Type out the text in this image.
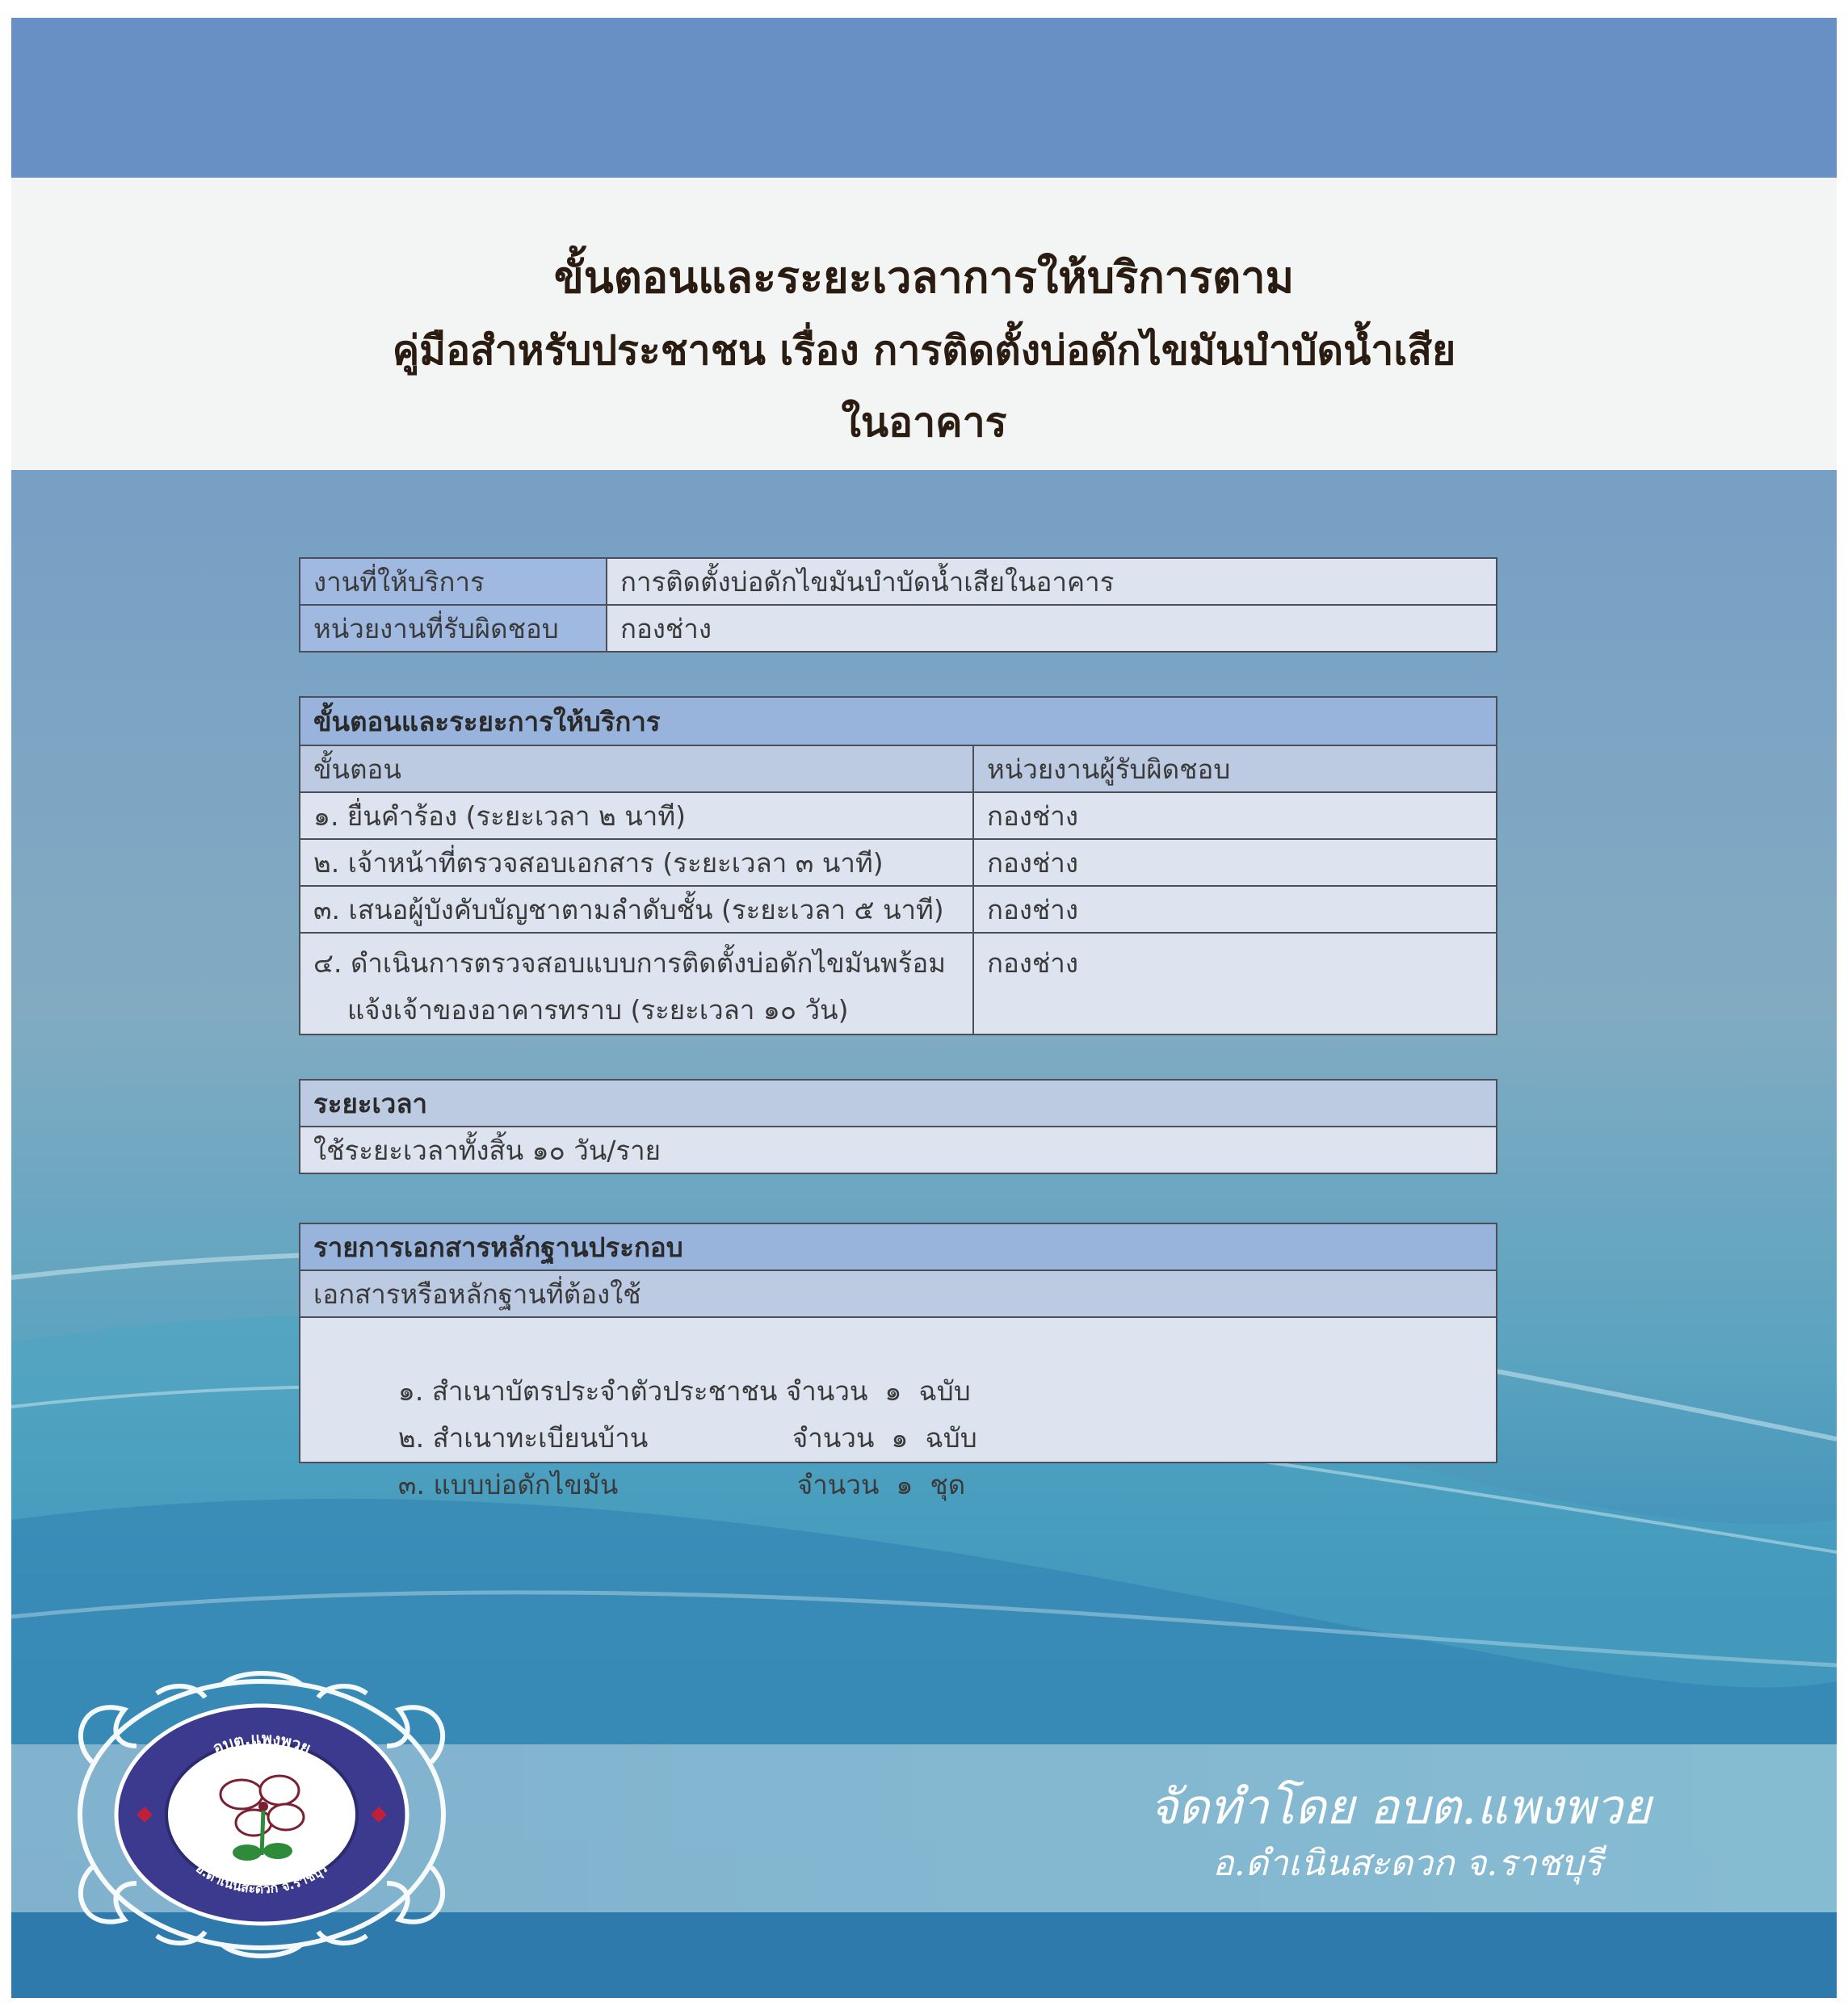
ขั้นตอนและระยะเวลาการให้บริการตาม
คู่มือสำหรับประชาชน เรื่อง การติดตั้งบ่อดักไขมันบำบัดน้ำเสีย
ในอาคาร
งานที่ให้บริการ	การติดตั้งบ่อดักไขมันบำบัดน้ำเสียในอาคาร
หน่วยงานที่รับผิดชอบ	กองช่าง
ขั้นตอนและระยะการให้บริการ	
ขั้นตอน	หน่วยงานผู้รับผิดชอบ
๑. ยื่นคำร้อง (ระยะเวลา ๒ นาที)	กองช่าง
๒. เจ้าหน้าที่ตรวจสอบเอกสาร (ระยะเวลา ๓ นาที)	กองช่าง
๓. เสนอผู้บังคับบัญชาตามลำดับชั้น (ระยะเวลา ๕ นาที)	กองช่าง

๔. ดำเนินการตรวจสอบแบบการติดตั้งบ่อดักไขมันพร้อม
แจ้งเจ้าของอาคารทราบ (ระยะเวลา ๑๐ วัน)	กองช่าง
ระยะเวลา
ใช้ระยะเวลาทั้งสิ้น ๑๐ วัน/ราย
รายการเอกสารหลักฐานประกอบ
เอกสารหรือหลักฐานที่ต้องใช้

๑. สำเนาบัตรประจำตัวประชาชน จำนวน  ๑  ฉบับ

๒. สำเนาทะเบียนบ้าน	จำนวน  ๑  ฉบับ

๓. แบบบ่อดักไขมัน	จำนวน  ๑  ชุด

จัดทำโดย อบต.แพงพวย
อ.ดำเนินสะดวก จ.ราชบุรี
อบต.แพงพวย
อ.ดำเนินสะดวก จ.ราชบุรี
